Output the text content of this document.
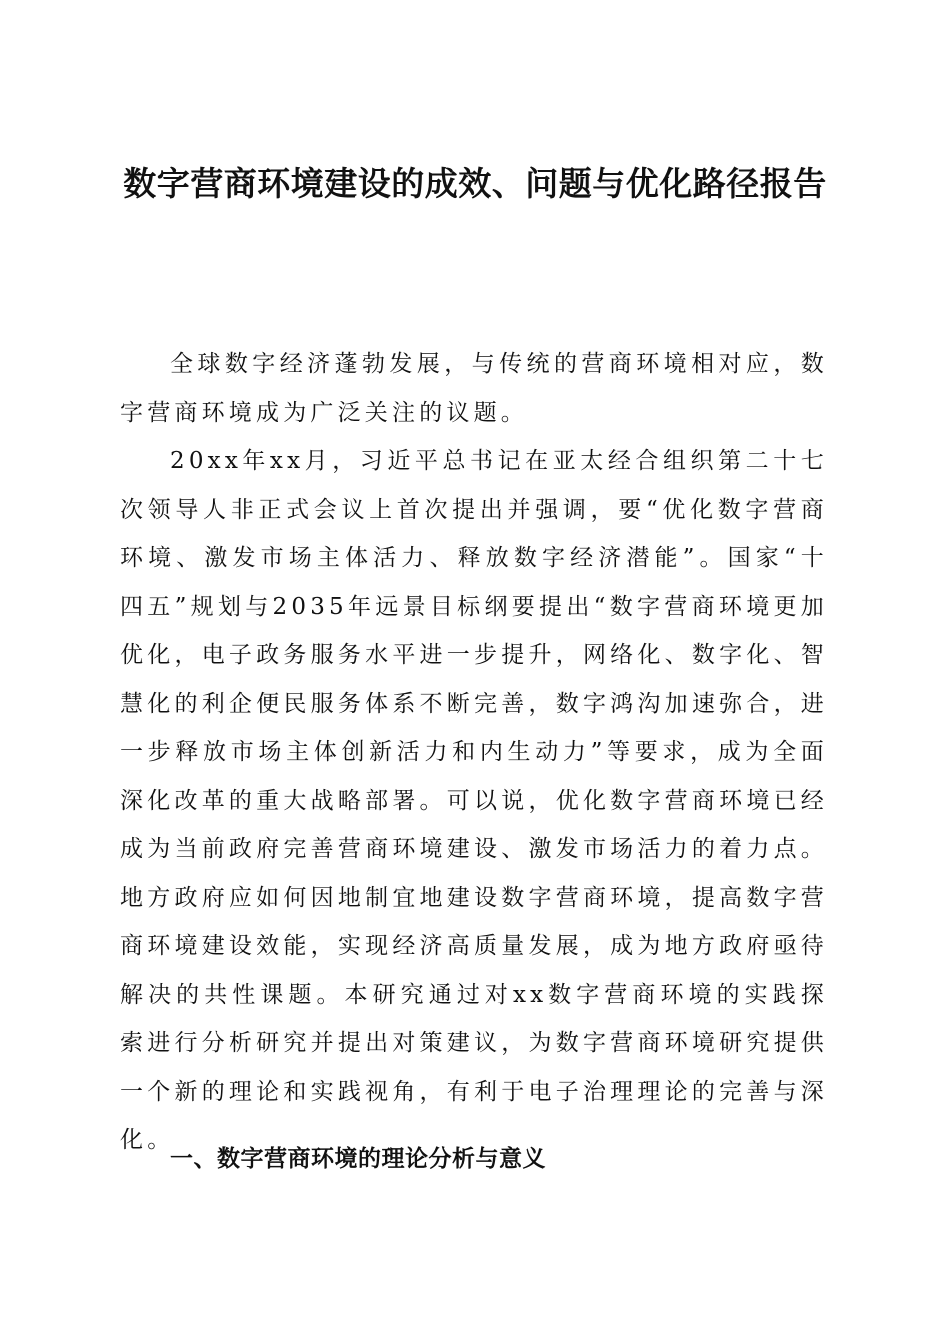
数字营商环境建设的成效、问题与优化路径报告

全球数字经济蓬勃发展，与传统的营商环境相对应，数字营商环境成为广泛关注的议题。

20xx年xx月，习近平总书记在亚太经合组织第二十七次领导人非正式会议上首次提出并强调，要“优化数字营商环境、激发市场主体活力、释放数字经济潜能”。国家“十四五”规划与2035年远景目标纲要提出“数字营商环境更加优化，电子政务服务水平进一步提升，网络化、数字化、智慧化的利企便民服务体系不断完善，数字鸿沟加速弥合，进一步释放市场主体创新活力和内生动力”等要求，成为全面深化改革的重大战略部署。可以说，优化数字营商环境已经成为当前政府完善营商环境建设、激发市场活力的着力点。地方政府应如何因地制宜地建设数字营商环境，提高数字营商环境建设效能，实现经济高质量发展，成为地方政府亟待解决的共性课题。本研究通过对xx数字营商环境的实践探索进行分析研究并提出对策建议，为数字营商环境研究提供一个新的理论和实践视角，有利于电子治理理论的完善与深化。

一、数字营商环境的理论分析与意义
